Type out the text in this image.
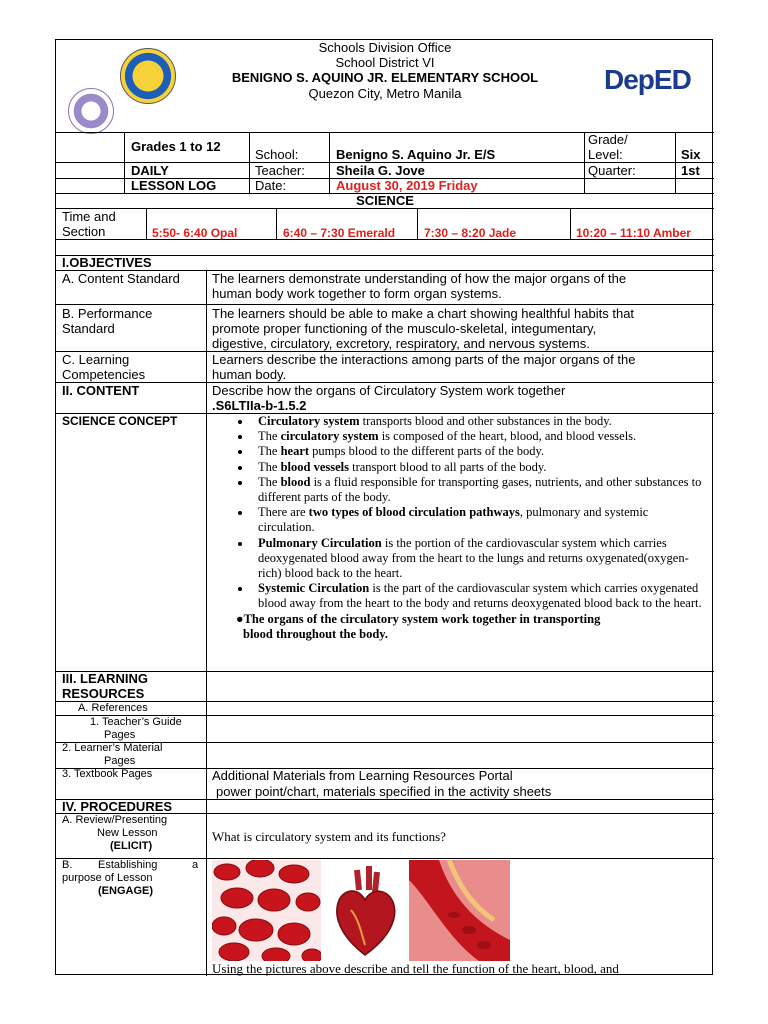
Schools Division Office
School District VI
BENIGNO S. AQUINO JR. ELEMENTARY SCHOOL
Quezon City, Metro Manila	DepED
Grades 1 to 12
DAILY
LESSON LOG
School:
Teacher:
Date:
Benigno S. Aquino Jr. E/S
Sheila G. Jove
August 30, 2019 Friday
Grade/
Level:
Quarter:
Six
1st
SCIENCE
Time and
Section	5:50- 6:40 Opal	6:40 – 7:30 Emerald 7:30 – 8:20 Jade	10:20 – 11:10 Amber
I.OBJECTIVES
A. Content Standard The learners demonstrate understanding of how the major organs of the
human body work together to form organ systems.
B. Performance
Standard
The learners should be able to make a chart showing healthful habits that
promote proper functioning of the musculo-skeletal, integumentary,
digestive, circulatory, excretory, respiratory, and nervous systems.
C. Learning
Competencies
Learners describe the interactions among parts of the major organs of the
human body.
II. CONTENT	Describe how the organs of Circulatory System work together
.S6LTIIa-b-1.5.2
SCIENCE CONCEPT
•	Circulatory system transports blood and other substances in the body.
• The circulatory system is composed of the heart, blood, and blood vessels.
• The heart pumps blood to the different parts of the body.
• The blood vessels transport blood to all parts of the body.
• The blood is a fluid responsible for transporting gases, nutrients, and other substances to different parts of the body.
• There are two types of blood circulation pathways, pulmonary and systemic circulation.
• Pulmonary Circulation is the portion of the cardiovascular system which carries deoxygenated blood away from the heart to the lungs and returns oxygenated(oxygen-rich) blood back to the heart.
• Systemic Circulation is the part of the cardiovascular system which carries oxygenated blood away from the heart to the body and returns deoxygenated blood back to the heart.
●The organs of the circulatory system work together in transporting
blood throughout the body.
III. LEARNING
RESOURCES
A. References
1. Teacher’s Guide
Pages
2. Learner’s Material
Pages
3. Textbook Pages	Additional Materials from Learning Resources Portal
power point/chart, materials specified in the activity sheets
IV. PROCEDURES
A. Review/Presenting
New Lesson
(ELICIT)
What is circulatory system and its functions?
B. Establishing	a
purpose of Lesson
(ENGAGE)
Using the pictures above describe and tell the function of the heart, blood, and
